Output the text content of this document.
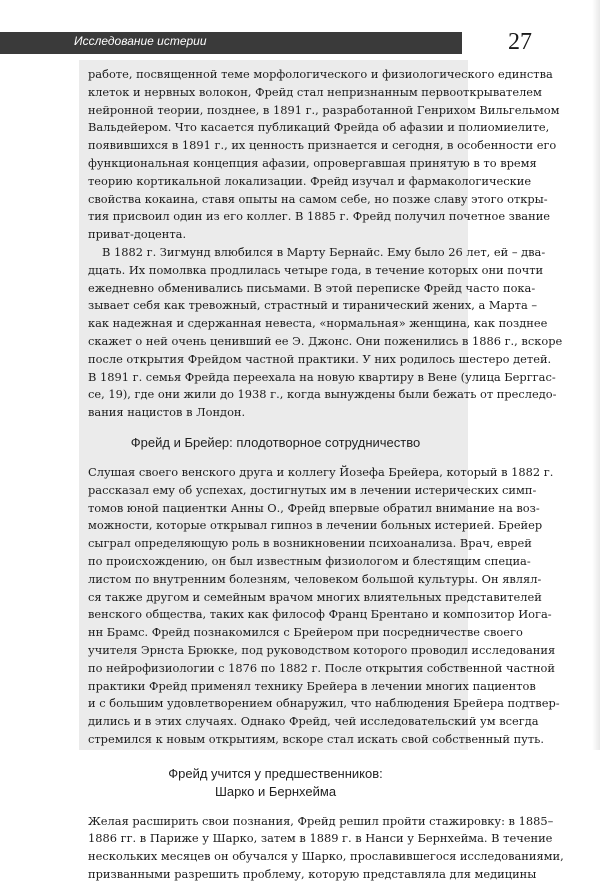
Исследование истерии	27
работе, посвященной теме морфологического и физиологического единства
клеток и нервных волокон, Фрейд стал непризнанным первооткрывателем
нейронной теории, позднее, в 1891 г., разработанной Генрихом Вильгельмом
Вальдейером. Что касается публикаций Фрейда об афазии и полиомиелите,
появившихся в 1891 г., их ценность признается и сегодня, в особенности его
функциональная концепция афазии, опровергавшая принятую в то время
теорию кортикальной локализации. Фрейд изучал и фармакологические
свойства кокаина, ставя опыты на самом себе, но позже славу этого откры-
тия присвоил один из его коллег. В 1885 г. Фрейд получил почетное звание
приват-доцента.
В 1882 г. Зигмунд влюбился в Марту Бернайс. Ему было 26 лет, ей – два-
дцать. Их помолвка продлилась четыре года, в течение которых они почти
ежедневно обменивались письмами. В этой переписке Фрейд часто пока-
зывает себя как тревожный, страстный и тиранический жених, а Марта –
как надежная и сдержанная невеста, «нормальная» женщина, как позднее
скажет о ней очень ценивший ее Э. Джонс. Они поженились в 1886 г., вскоре
после открытия Фрейдом частной практики. У них родилось шестеро детей.
В 1891 г. семья Фрейда переехала на новую квартиру в Вене (улица Берггас-
се, 19), где они жили до 1938 г., когда вынуждены были бежать от преследо-
вания нацистов в Лондон.
Фрейд и Брейер: плодотворное сотрудничество
Слушая своего венского друга и коллегу Йозефа Брейера, который в 1882 г.
рассказал ему об успехах, достигнутых им в лечении истерических симп-
томов юной пациентки Анны О., Фрейд впервые обратил внимание на воз-
можности, которые открывал гипноз в лечении больных истерией. Брейер
сыграл определяющую роль в возникновении психоанализа. Врач, еврей
по происхождению, он был известным физиологом и блестящим специа-
листом по внутренним болезням, человеком большой культуры. Он являл-
ся также другом и семейным врачом многих влиятельных представителей
венского общества, таких как философ Франц Брентано и композитор Иога-
нн Брамс. Фрейд познакомился с Брейером при посредничестве своего
учителя Эрнста Брюкке, под руководством которого проводил исследования
по нейрофизиологии с 1876 по 1882 г. После открытия собственной частной
практики Фрейд применял технику Брейера в лечении многих пациентов
и с большим удовлетворением обнаружил, что наблюдения Брейера подтвер-
дились и в этих случаях. Однако Фрейд, чей исследовательский ум всегда
стремился к новым открытиям, вскоре стал искать свой собственный путь.
Фрейд учится у предшественников:
Шарко и Бернхейма
Желая расширить свои познания, Фрейд решил пройти стажировку: в 1885–
1886 гг. в Париже у Шарко, затем в 1889 г. в Нанси у Бернхейма. В течение
нескольких месяцев он обучался у Шарко, прославившегося исследованиями,
призванными разрешить проблему, которую представляла для медицины
